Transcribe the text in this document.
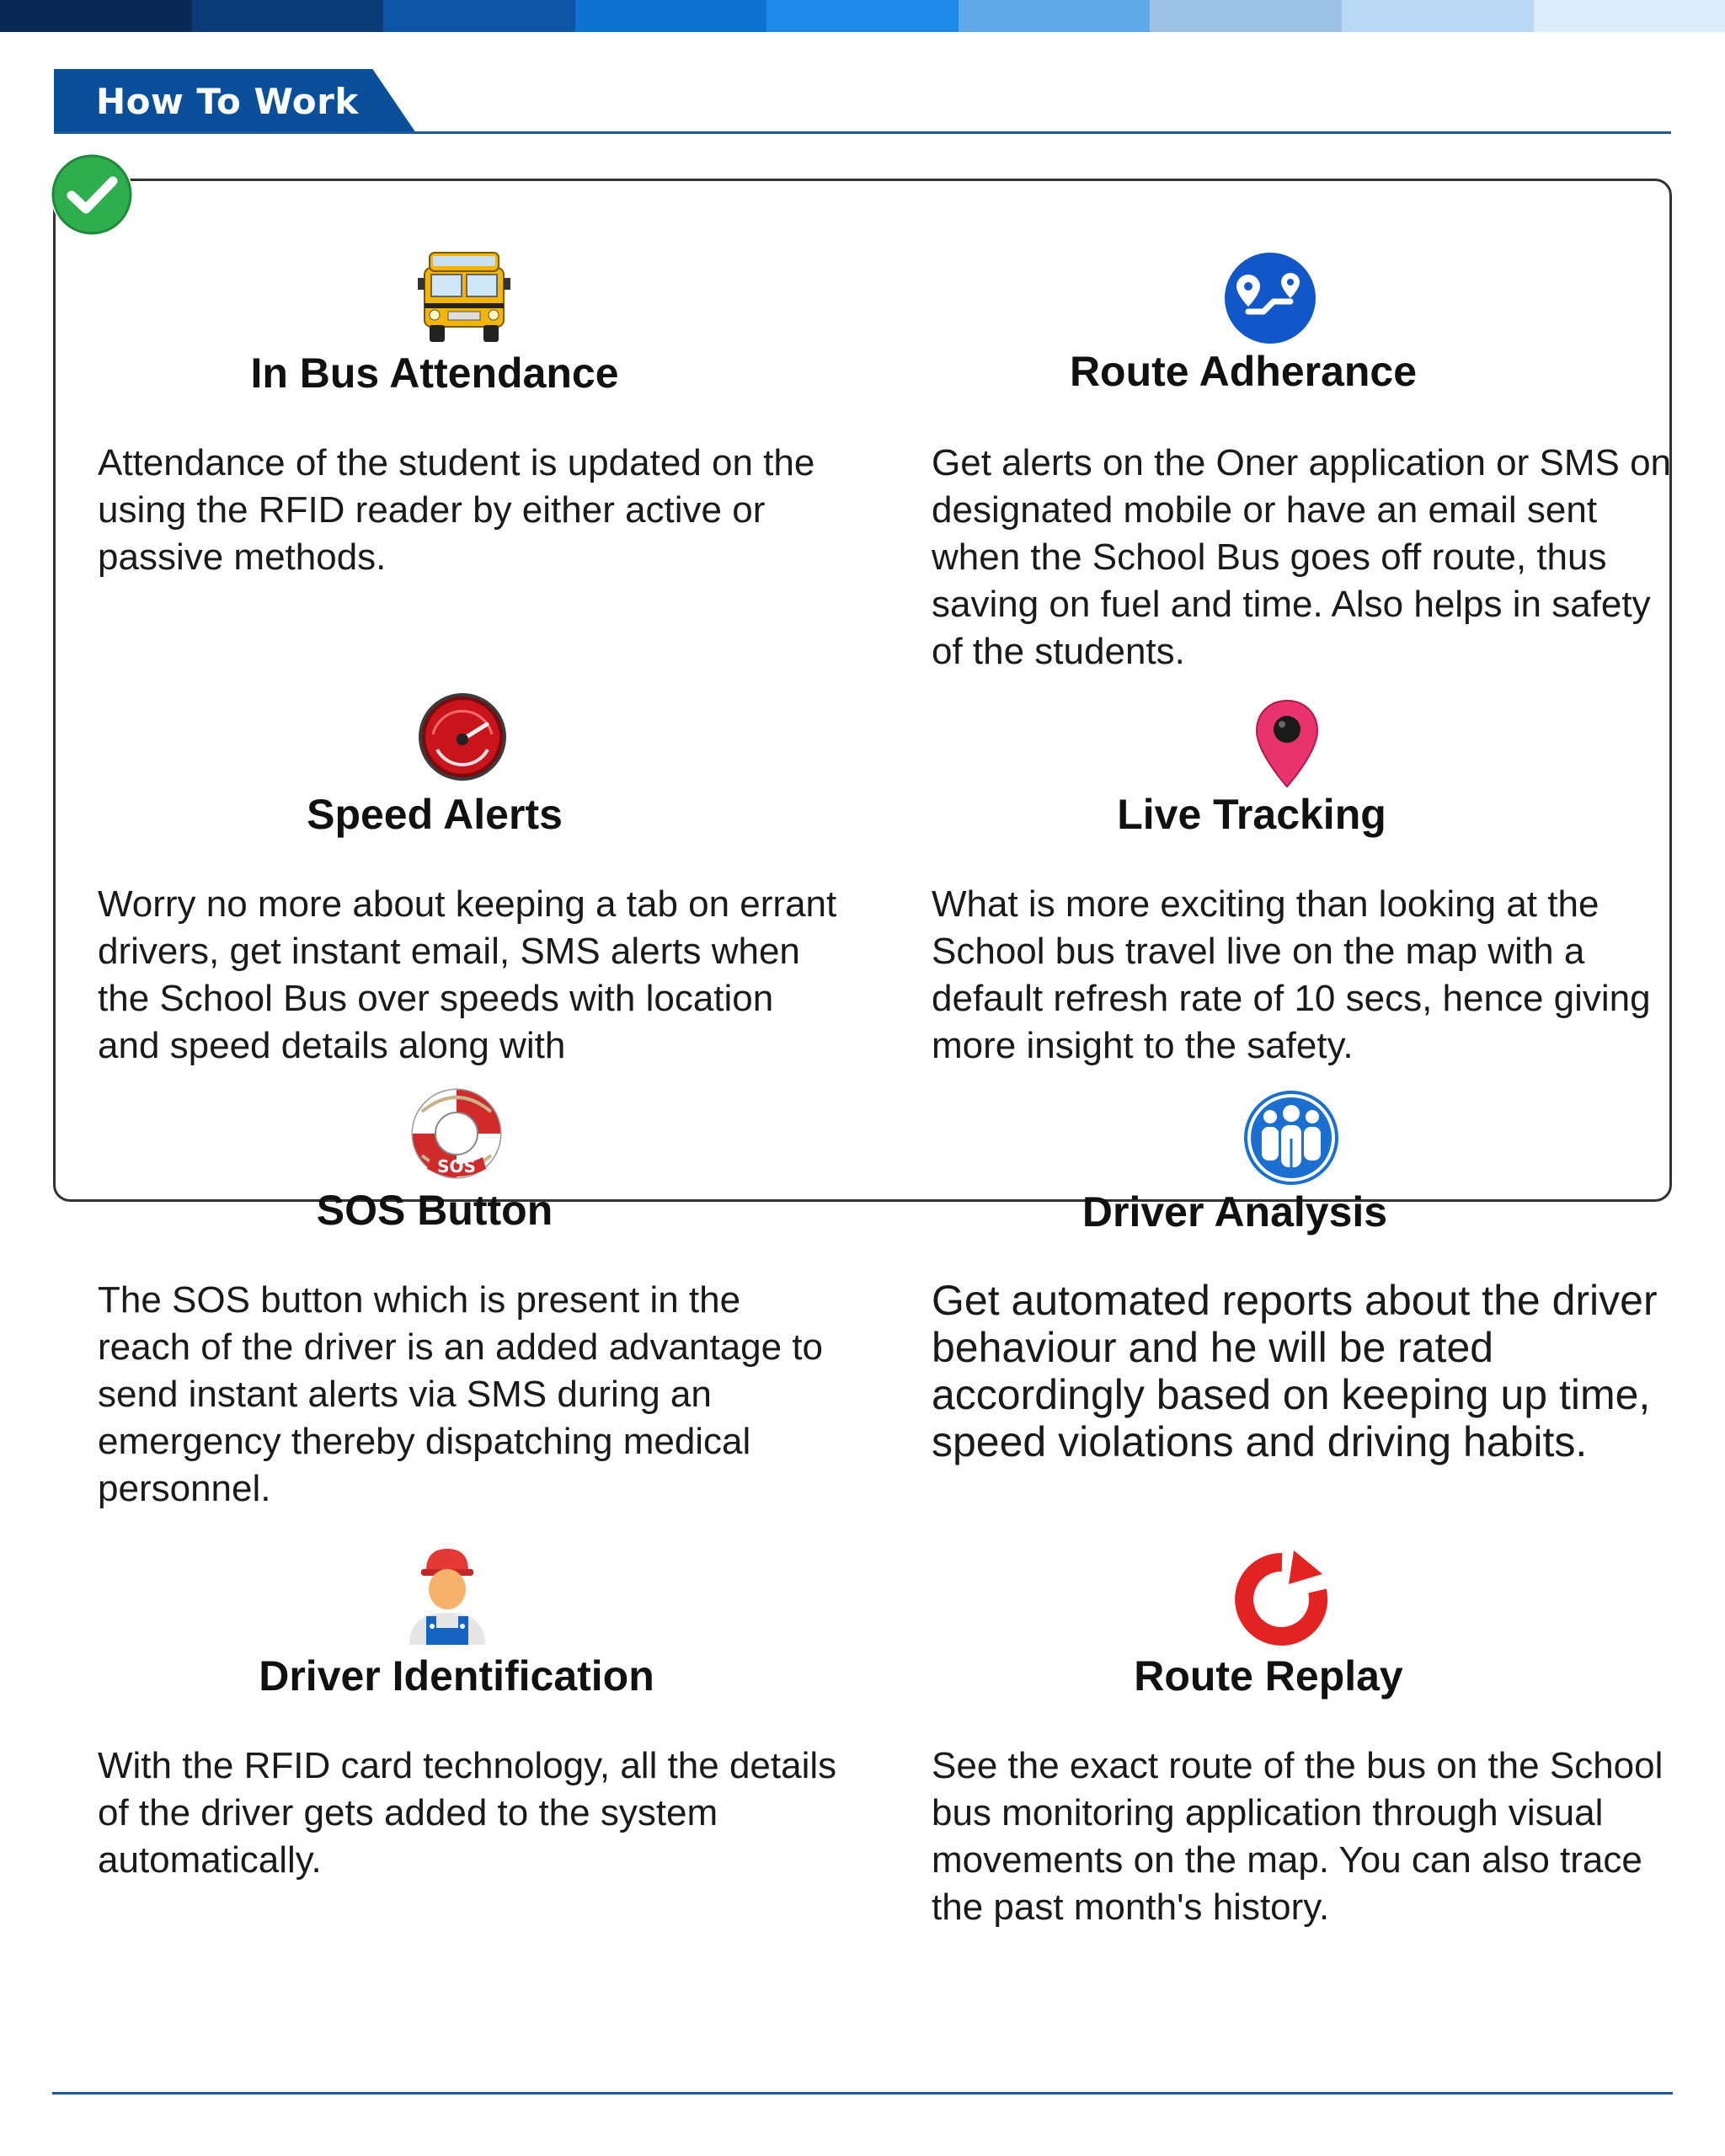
How To Work
In Bus Attendance
Attendance of the student is updated on the using the RFID reader by either active or passive methods.
Route Adherance
Get alerts on the Oner application or SMS on designated mobile or have an email sent when the School Bus goes off route, thus saving on fuel and time. Also helps in safety of the students.
Speed Alerts
Worry no more about keeping a tab on errant drivers, get instant email, SMS alerts when the School Bus over speeds with location and speed details along with
Live Tracking
What is more exciting than looking at the School bus travel live on the map with a default refresh rate of 10 secs, hence giving more insight to the safety.
SOS
SOS Button
The SOS button which is present in the reach of the driver is an added advantage to send instant alerts via SMS during an emergency thereby dispatching medical personnel.
Driver Analysis
Get automated reports about the driver behaviour and he will be rated accordingly based on keeping up time, speed violations and driving habits.
Driver Identification
With the RFID card technology, all the details of the driver gets added to the system automatically.
Route Replay
See the exact route of the bus on the School bus monitoring application through visual movements on the map. You can also trace the past month's history.
